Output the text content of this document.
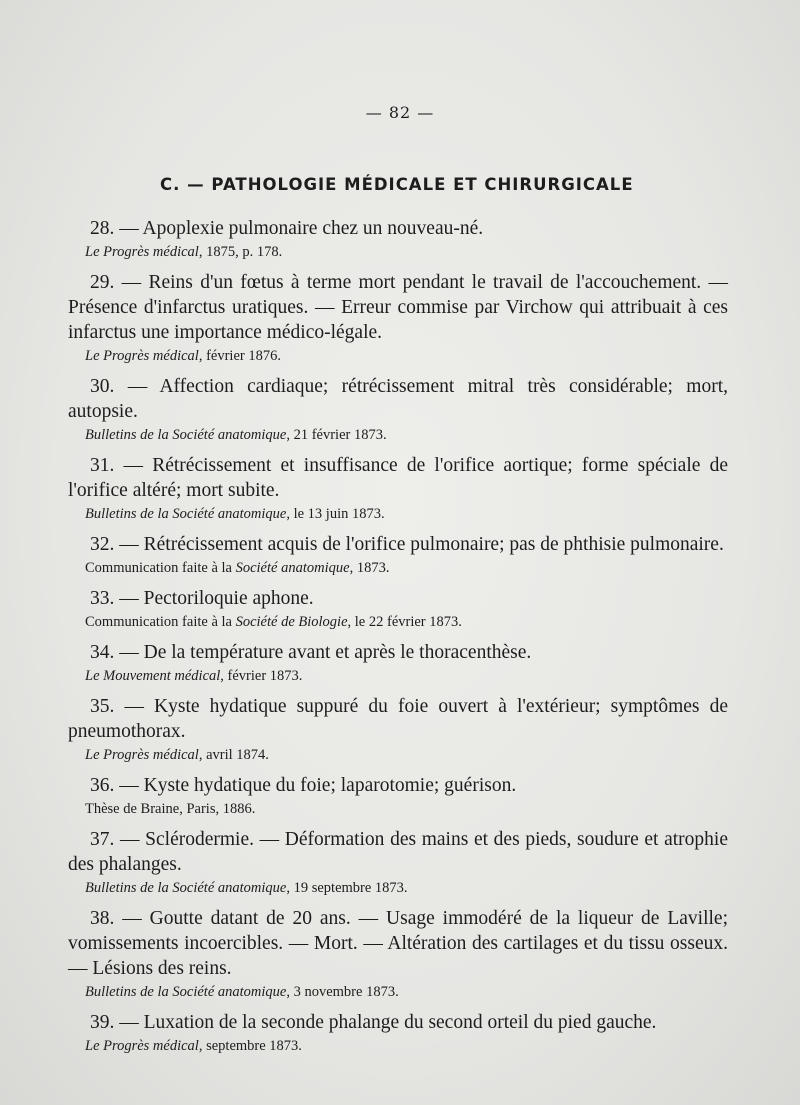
— 82 —
C. — PATHOLOGIE MÉDICALE ET CHIRURGICALE

28. — Apoplexie pulmonaire chez un nouveau-né.

Le Progrès médical, 1875, p. 178.

29. — Reins d'un fœtus à terme mort pendant le travail de l'accouchement. — Présence d'infarctus uratiques. — Erreur commise par Virchow qui attribuait à ces infarctus une importance médico-légale.

Le Progrès médical, février 1876.

30. — Affection cardiaque; rétrécissement mitral très considérable; mort, autopsie.

Bulletins de la Société anatomique, 21 février 1873.

31. — Rétrécissement et insuffisance de l'orifice aortique; forme spéciale de l'orifice altéré; mort subite.

Bulletins de la Société anatomique, le 13 juin 1873.

32. — Rétrécissement acquis de l'orifice pulmonaire; pas de phthisie pulmonaire.

Communication faite à la Société anatomique, 1873.

33. — Pectoriloquie aphone.

Communication faite à la Société de Biologie, le 22 février 1873.

34. — De la température avant et après le thoracenthèse.

Le Mouvement médical, février 1873.

35. — Kyste hydatique suppuré du foie ouvert à l'extérieur; symptômes de pneumothorax.

Le Progrès médical, avril 1874.

36. — Kyste hydatique du foie; laparotomie; guérison.

Thèse de Braine, Paris, 1886.

37. — Sclérodermie. — Déformation des mains et des pieds, soudure et atrophie des phalanges.

Bulletins de la Société anatomique, 19 septembre 1873.

38. — Goutte datant de 20 ans. — Usage immodéré de la liqueur de Laville; vomissements incoercibles. — Mort. — Altération des cartilages et du tissu osseux. — Lésions des reins.

Bulletins de la Société anatomique, 3 novembre 1873.

39. — Luxation de la seconde phalange du second orteil du pied gauche.

Le Progrès médical, septembre 1873.
